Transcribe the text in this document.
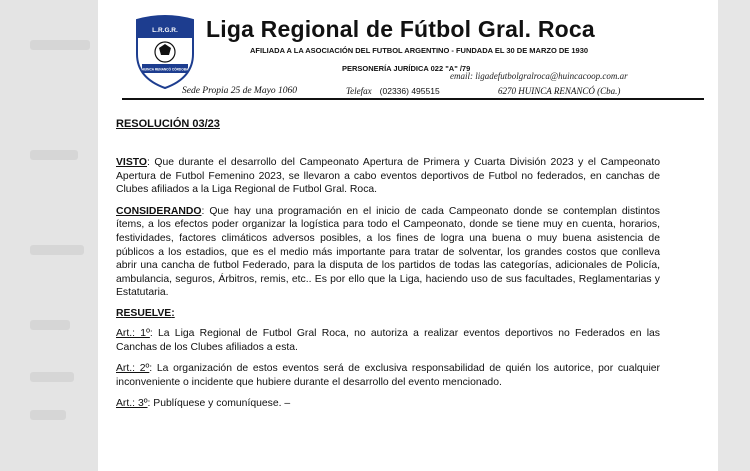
L.R.G.R.
HUINCA RENANCÓ CÓRDOBA
Liga Regional de Fútbol Gral. Roca
AFILIADA A LA ASOCIACIÓN DEL FUTBOL ARGENTINO - FUNDADA EL 30 DE MARZO DE 1930
PERSONERÍA JURÍDICA 022 "A" /79
email: ligadefutbolgralroca@huincacoop.com.ar
Sede Propia 25 de Mayo 1060	Telefax (02336) 495515	6270 HUINCA RENANCÓ (Cba.)
RESOLUCIÓN 03/23

VISTO: Que durante el desarrollo del Campeonato Apertura de Primera y Cuarta División 2023 y el Campeonato Apertura de Futbol Femenino 2023, se llevaron a cabo eventos deportivos de Futbol no federados, en canchas de Clubes afiliados a la Liga Regional de Futbol Gral. Roca.

CONSIDERANDO: Que hay una programación en el inicio de cada Campeonato donde se contemplan distintos ítems, a los efectos poder organizar la logística para todo el Campeonato, donde se tiene muy en cuenta, horarios, festividades, factores climáticos adversos posibles, a los fines de logra una buena o muy buena asistencia de públicos a los estadios, que es el medio más importante para tratar de solventar, los grandes costos que conlleva abrir una cancha de futbol Federado, para la disputa de los partidos de todas las categorías, adicionales de Policía, ambulancia, seguros, Árbitros, remis, etc.. Es por ello que la Liga, haciendo uso de sus facultades, Reglamentarias y Estatutaria.

RESUELVE:

Art.: 1º: La Liga Regional de Futbol Gral Roca, no autoriza a realizar eventos deportivos no Federados en las Canchas de los Clubes afiliados a esta.

Art.: 2º: La organización de estos eventos será de exclusiva responsabilidad de quién los autorice, por cualquier inconveniente o incidente que hubiere durante el desarrollo del evento mencionado.

Art.: 3º: Publíquese y comuníquese. –
